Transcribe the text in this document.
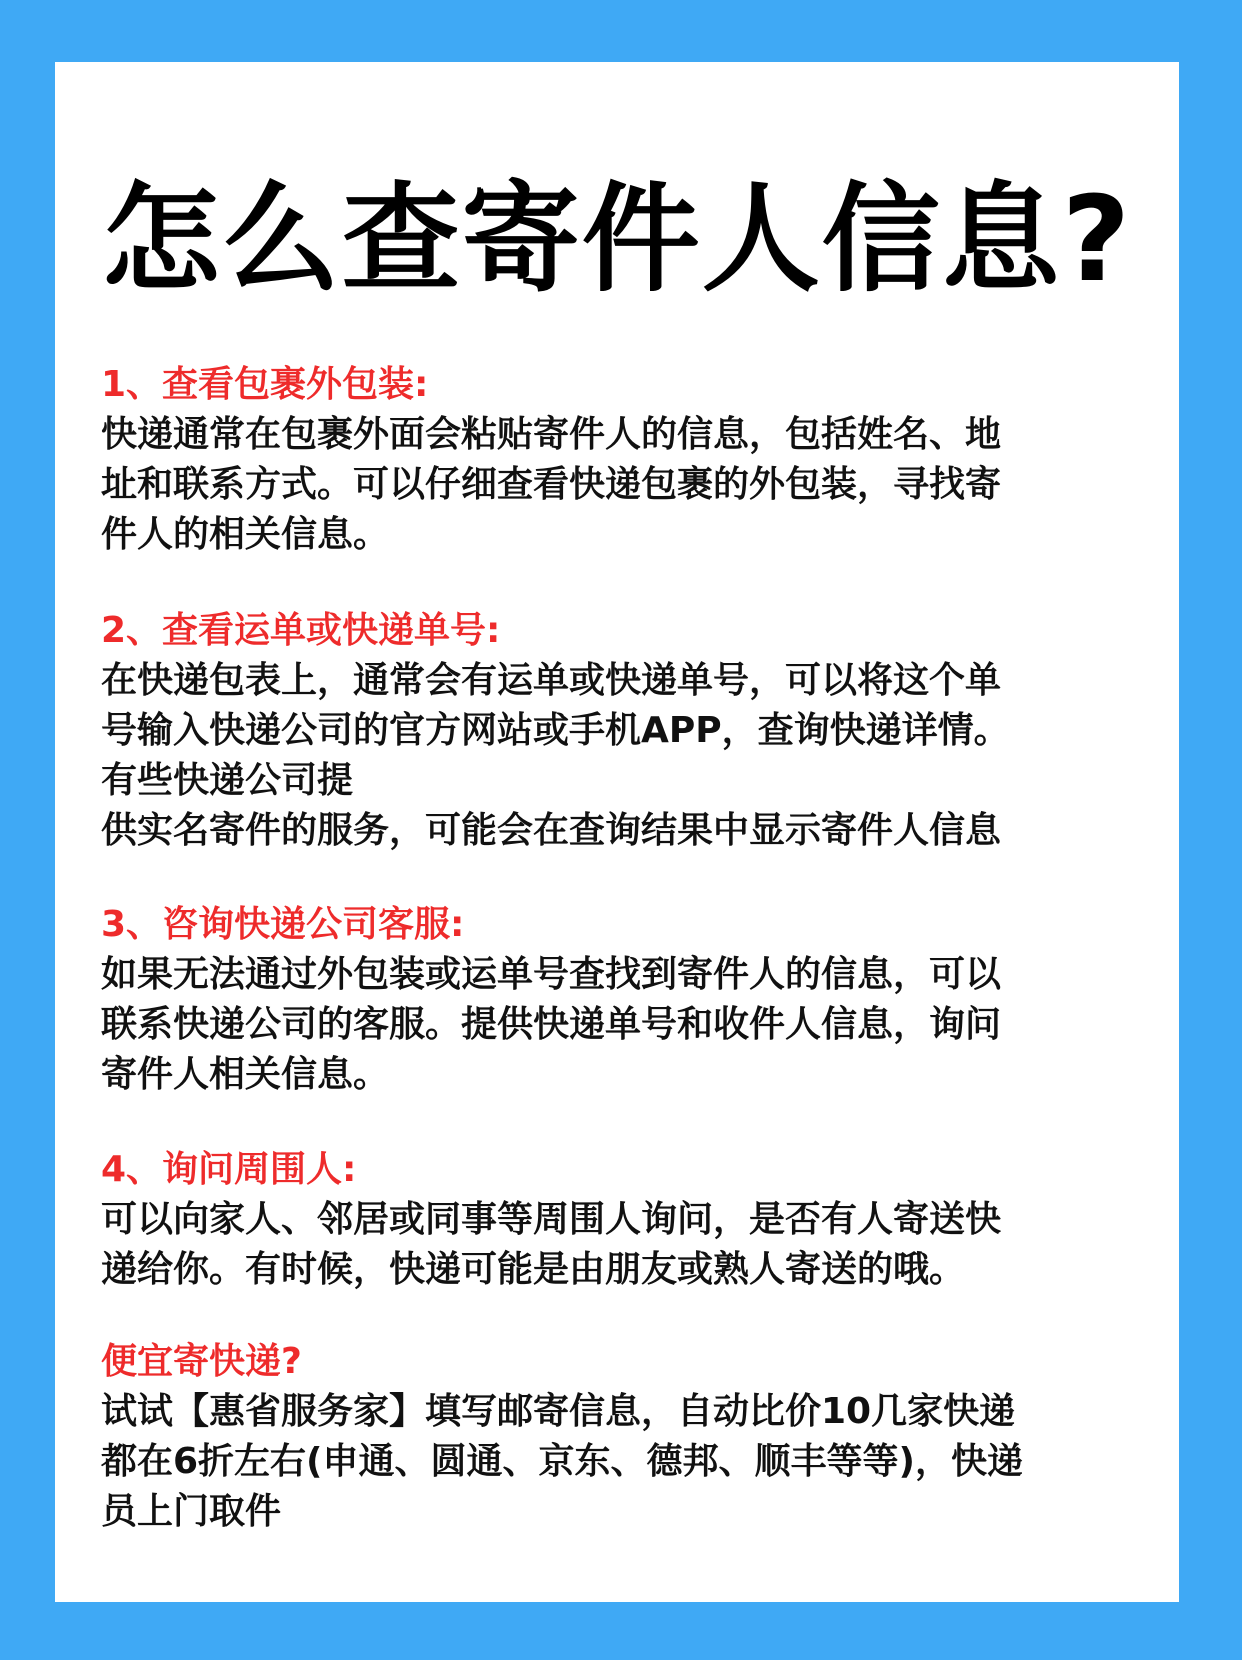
怎么查寄件人信息?
1、查看包裹外包装:
快递通常在包裹外面会粘贴寄件人的信息，包括姓名、地
址和联系方式。可以仔细查看快递包裹的外包装，寻找寄
件人的相关信息。
2、查看运单或快递单号:
在快递包表上，通常会有运单或快递单号，可以将这个单
号输入快递公司的官方网站或手机APP，查询快递详情。
有些快递公司提
供实名寄件的服务，可能会在查询结果中显示寄件人信息
3、咨询快递公司客服:
如果无法通过外包装或运单号查找到寄件人的信息，可以
联系快递公司的客服。提供快递单号和收件人信息，询问
寄件人相关信息。
4、询问周围人:
可以向家人、邻居或同事等周围人询问，是否有人寄送快
递给你。有时候，快递可能是由朋友或熟人寄送的哦。
便宜寄快递?
试试【惠省服务家】填写邮寄信息，自动比价10几家快递
都在6折左右(申通、圆通、京东、德邦、顺丰等等)，快递
员上门取件
